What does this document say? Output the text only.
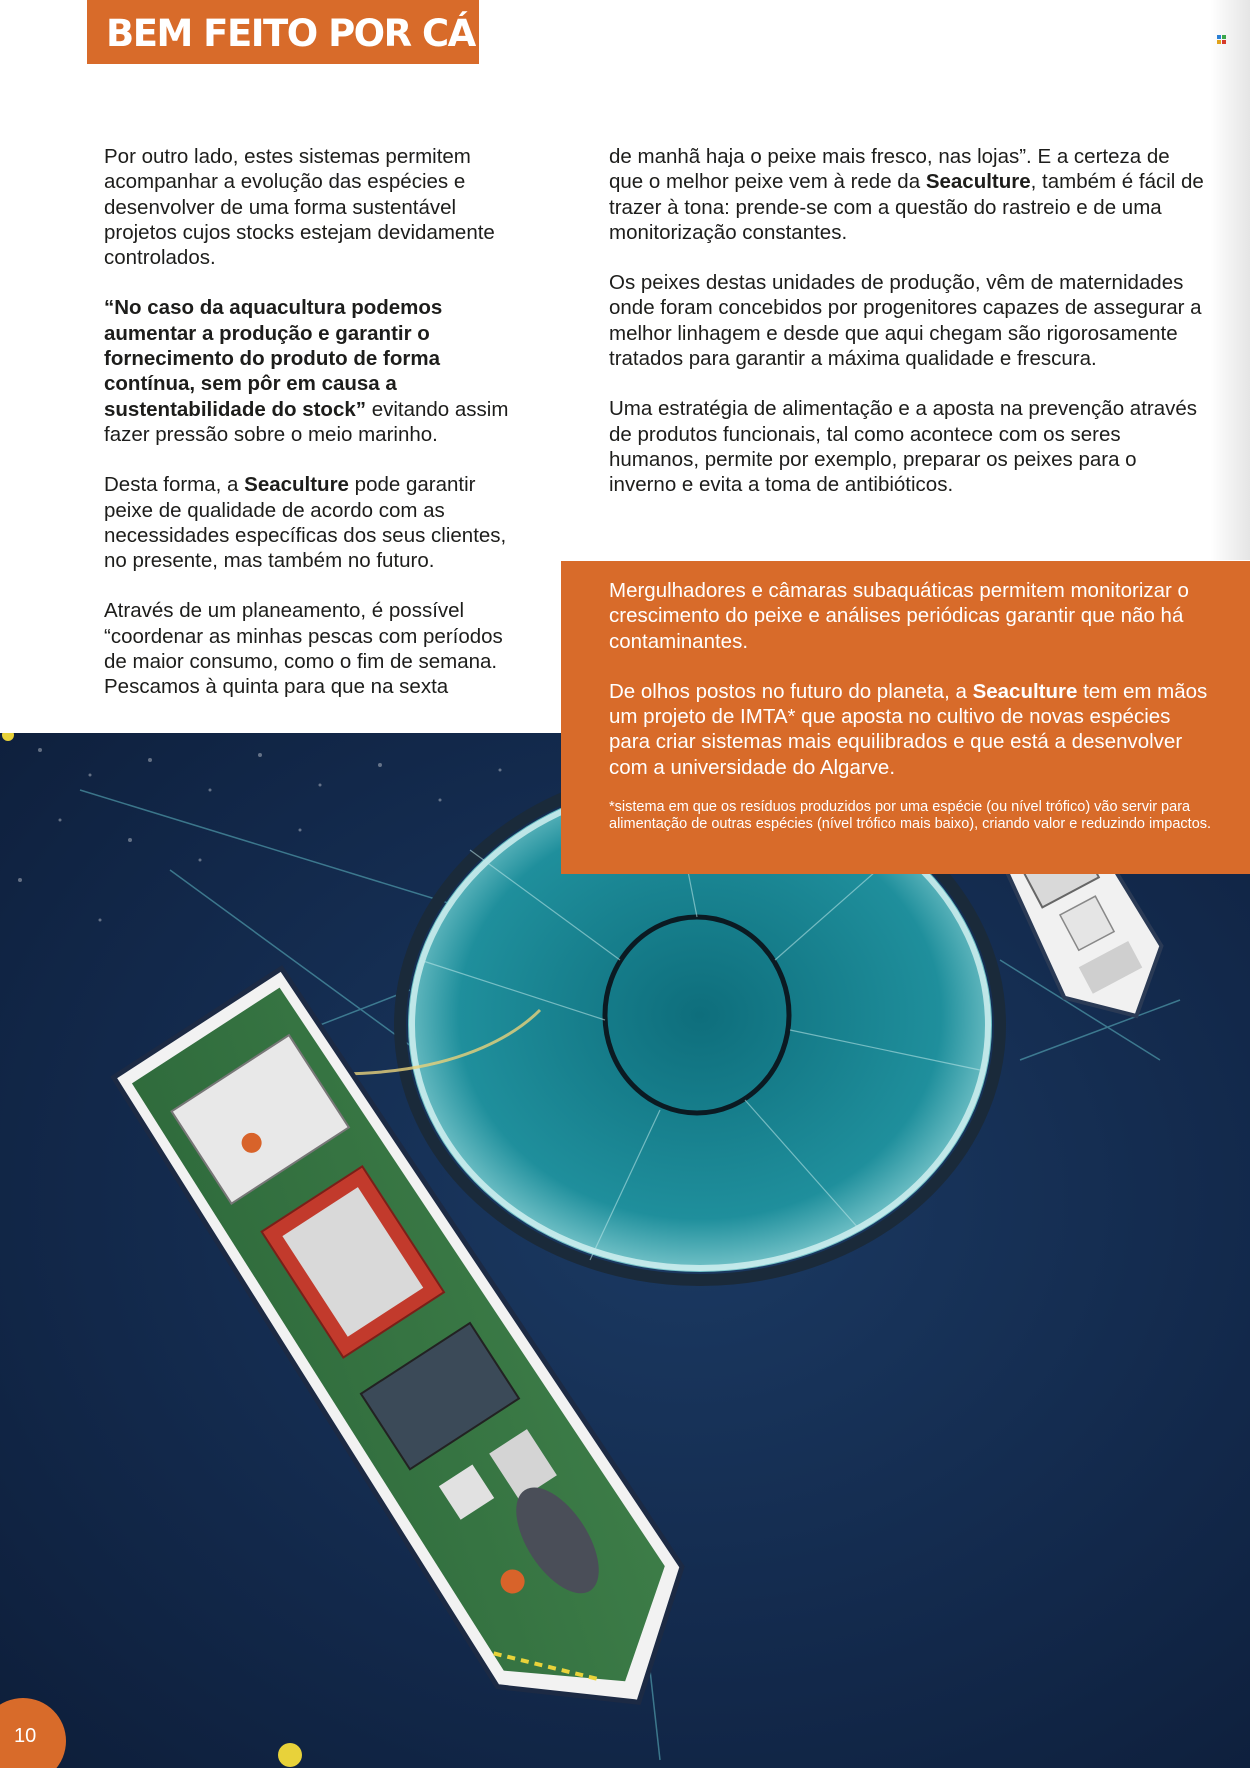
BEM FEITO POR CÁ

Por outro lado, estes sistemas permitem acompanhar a evolução das espécies e desenvolver de uma forma sustentável projetos cujos stocks estejam devidamente controlados.

“No caso da aquacultura podemos aumentar a produção e garantir o fornecimento do produto de forma contínua, sem pôr em causa a sustentabilidade do stock” evitando assim fazer pressão sobre o meio marinho.

Desta forma, a Seaculture pode garantir peixe de qualidade de acordo com as necessidades específicas dos seus clientes, no presente, mas também no futuro.

Através de um planeamento, é possível “coordenar as minhas pescas com períodos de maior consumo, como o fim de semana. Pescamos à quinta para que na sexta

de manhã haja o peixe mais fresco, nas lojas”. E a certeza de que o melhor peixe vem à rede da Seaculture, também é fácil de trazer à tona: prende-se com a questão do rastreio e de uma monitorização constantes.

Os peixes destas unidades de produção, vêm de maternidades onde foram concebidos por progenitores capazes de assegurar a melhor linhagem e desde que aqui chegam são rigorosamente tratados para garantir a máxima qualidade e frescura.

Uma estratégia de alimentação e a aposta na prevenção através de produtos funcionais, tal como acontece com os seres humanos, permite por exemplo, preparar os peixes para o inverno e evita a toma de antibióticos.

Mergulhadores e câmaras subaquáticas permitem monitorizar o crescimento do peixe e análises periódicas garantir que não há contaminantes.

De olhos postos no futuro do planeta, a Seaculture tem em mãos um projeto de IMTA* que aposta no cultivo de novas espécies para criar sistemas mais equilibrados e que está a desenvolver com a universidade do Algarve.

*sistema em que os resíduos produzidos por uma espécie (ou nível trófico) vão servir para alimentação de outras espécies (nível trófico mais baixo), criando valor e reduzindo impactos.

10
